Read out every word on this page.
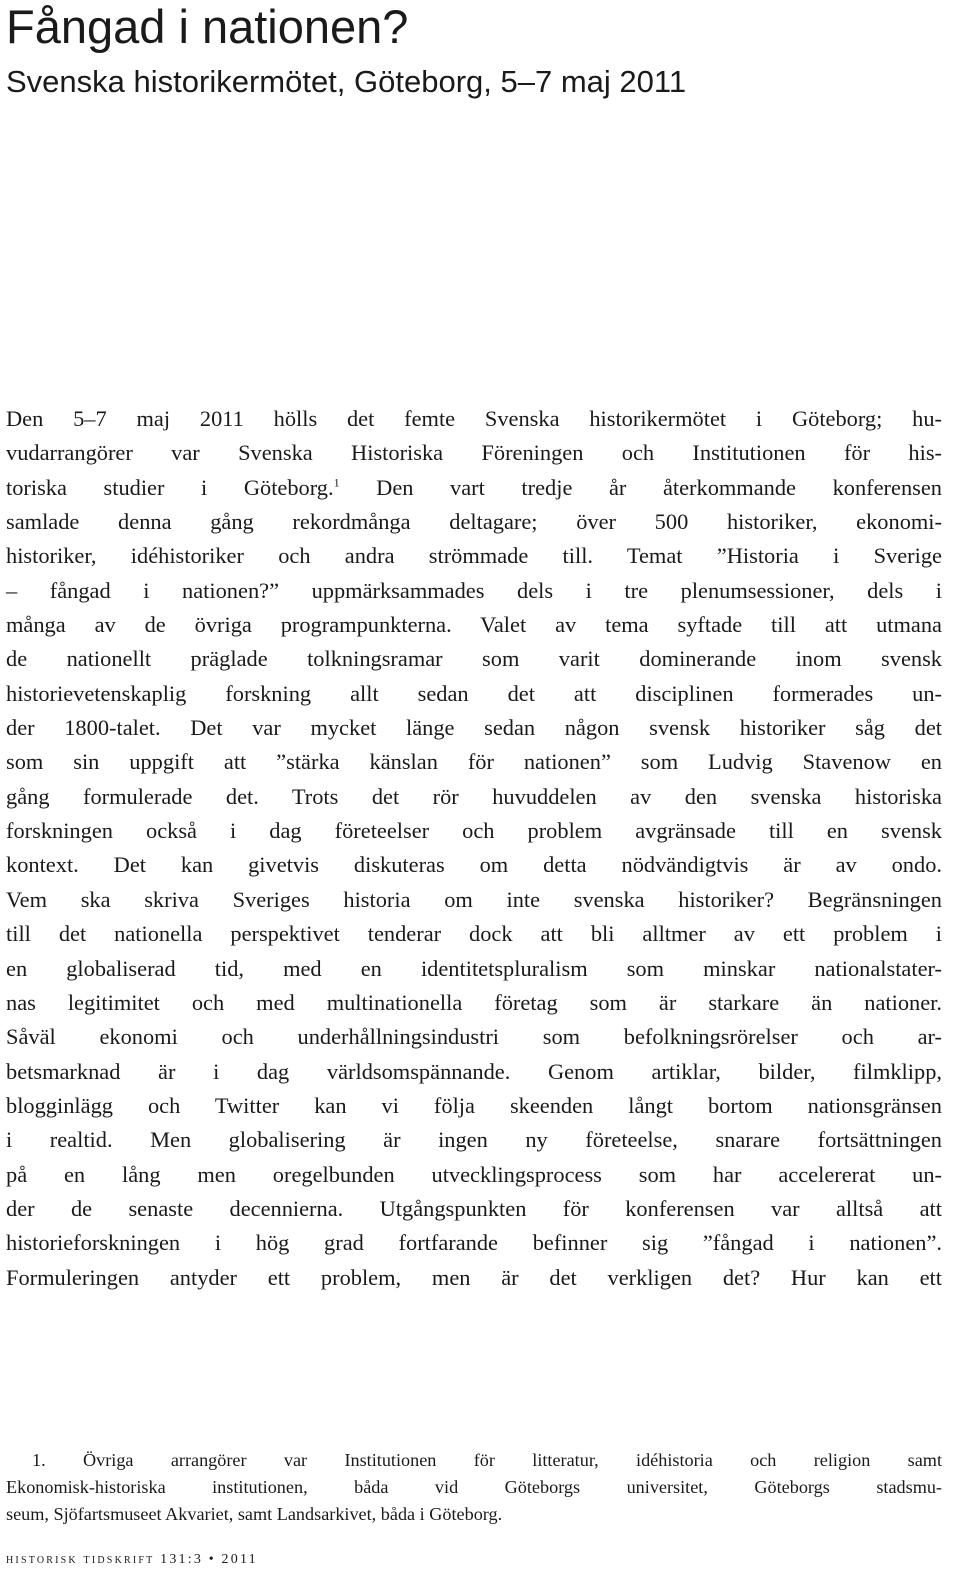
Fångad i nationen?
Svenska historikermötet, Göteborg, 5–7 maj 2011
Den 5–7 maj 2011 hölls det femte Svenska historikermötet i Göteborg; hu-
vudarrangörer var Svenska Historiska Föreningen och Institutionen för his-
toriska studier i Göteborg.$^1$ Den vart tredje år återkommande konferensen
samlade denna gång rekordmånga deltagare; över 500 historiker, ekonomi-
historiker, idéhistoriker och andra strömmade till. Temat ”Historia i Sverige
– fångad i nationen?” uppmärksammades dels i tre plenumsessioner, dels i
många av de övriga programpunkterna. Valet av tema syftade till att utmana
de nationellt präglade tolkningsramar som varit dominerande inom svensk
historievetenskaplig forskning allt sedan det att disciplinen formerades un-
der 1800-talet. Det var mycket länge sedan någon svensk historiker såg det
som sin uppgift att ”stärka känslan för nationen” som Ludvig Stavenow en
gång formulerade det. Trots det rör huvuddelen av den svenska historiska
forskningen också i dag företeelser och problem avgränsade till en svensk
kontext. Det kan givetvis diskuteras om detta nödvändigtvis är av ondo.
Vem ska skriva Sveriges historia om inte svenska historiker? Begränsningen
till det nationella perspektivet tenderar dock att bli alltmer av ett problem i
en globaliserad tid, med en identitetspluralism som minskar nationalstater-
nas legitimitet och med multinationella företag som är starkare än nationer.
Såväl ekonomi och underhållningsindustri som befolkningsrörelser och ar-
betsmarknad är i dag världsomspännande. Genom artiklar, bilder, filmklipp,
blogginlägg och Twitter kan vi följa skeenden långt bortom nationsgränsen
i realtid. Men globalisering är ingen ny företeelse, snarare fortsättningen
på en lång men oregelbunden utvecklingsprocess som har accelererat un-
der de senaste decennierna. Utgångspunkten för konferensen var alltså att
historieforskningen i hög grad fortfarande befinner sig ”fångad i nationen”.
Formuleringen antyder ett problem, men är det verkligen det? Hur kan ett
1. Övriga arrangörer var Institutionen för litteratur, idéhistoria och religion samt
Ekonomisk-historiska institutionen, båda vid Göteborgs universitet, Göteborgs stadsmu-
seum, Sjöfartsmuseet Akvariet, samt Landsarkivet, båda i Göteborg.
historisk tidskrift 131:3 • 2011
